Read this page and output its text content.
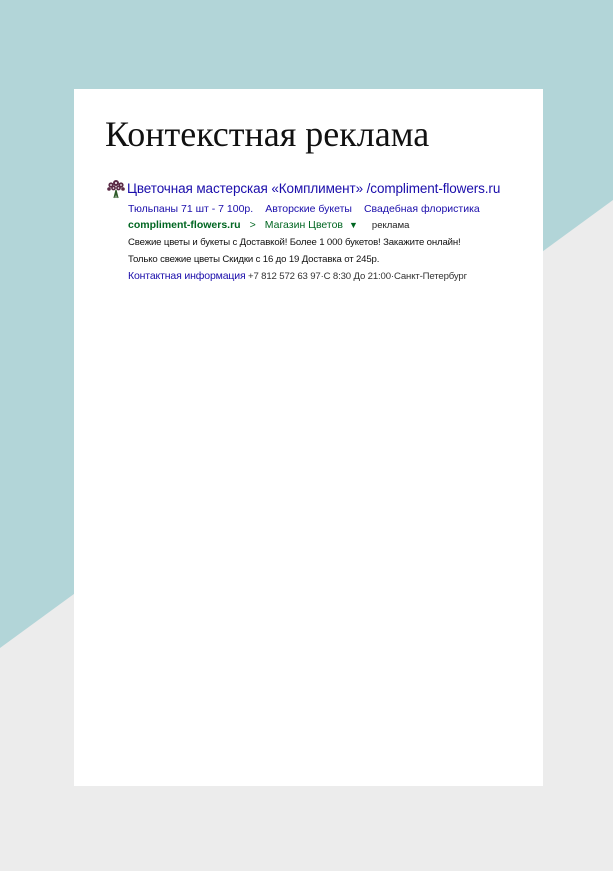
Контекстная реклама
Цветочная мастерская «Комплимент» /compliment-flowers.ru
Тюльпаны 71 шт - 7 100р. Авторские букеты Свадебная флористика
compliment-flowers.ru > Магазин Цветов ▼ реклама
Свежие цветы и букеты с Доставкой! Более 1 000 букетов! Закажите онлайн!
Только свежие цветы Скидки с 16 до 19 Доставка от 245р.
Контактная информация +7 812 572 63 97·С 8:30 До 21:00·Санкт-Петербург
